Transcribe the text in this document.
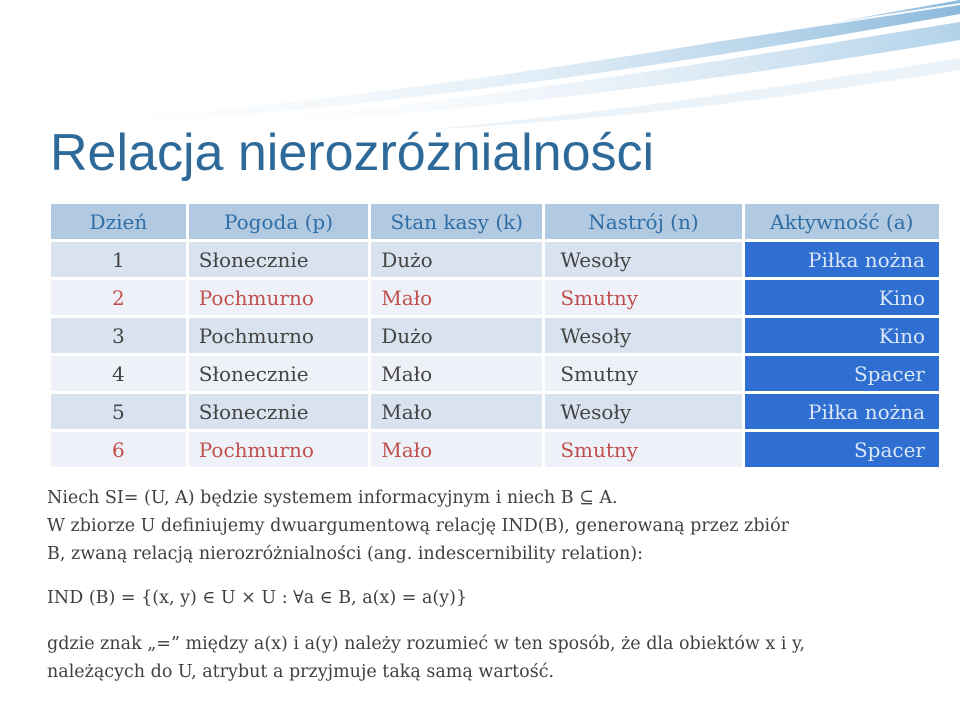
Relacja nierozróżnialności
Dzień	Pogoda (p)	Stan kasy (k)	Nastrój (n)	Aktywność (a)
1	Słonecznie	Dużo	Wesoły	Piłka nożna
2	Pochmurno	Mało	Smutny	Kino
3	Pochmurno	Dużo	Wesoły	Kino
4	Słonecznie	Mało	Smutny	Spacer
5	Słonecznie	Mało	Wesoły	Piłka nożna
6	Pochmurno	Mało	Smutny	Spacer

Niech SI= (U, A) będzie systemem informacyjnym i niech B ⊆ A.

W zbiorze U definiujemy dwuargumentową relację IND(B), generowaną przez zbiór

B, zwaną relacją nierozróżnialności (ang. indescernibility relation):

IND (B) = {(x, y) ∈ U × U : ∀a ∈ B, a(x) = a(y)}

gdzie znak „=” między a(x) i a(y) należy rozumieć w ten sposób, że dla obiektów x i y,

należących do U, atrybut a przyjmuje taką samą wartość.
